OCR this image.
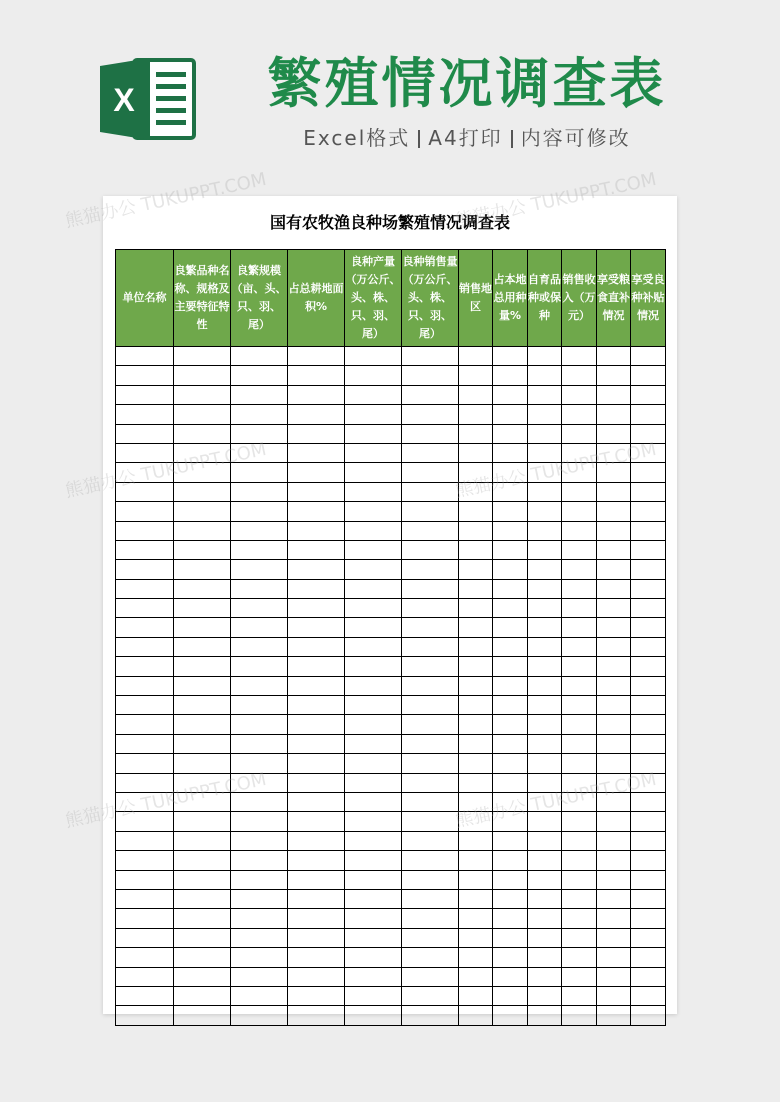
X	繁殖情况调查表
Excel格式 A4打印 内容可修改
国有农牧渔良种场繁殖情况调查表
单位名称	良繁品种名称、规格及主要特征特性	良繁规模（亩、头、只、羽、尾）	占总耕地面积%	良种产量（万公斤、头、株、只、羽、尾）	良种销售量（万公斤、头、株、只、羽、尾）	销售地区	占本地总用种量%	自育品种或保种	销售收入（万元）	享受粮食直补情况	享受良种补贴情况

熊猫办公 TUKUPPT.COM	熊猫办公 TUKUPPT.COM
熊猫办公 TUKUPPT.COM	熊猫办公 TUKUPPT.COM
熊猫办公 TUKUPPT.COM	熊猫办公 TUKUPPT.COM
